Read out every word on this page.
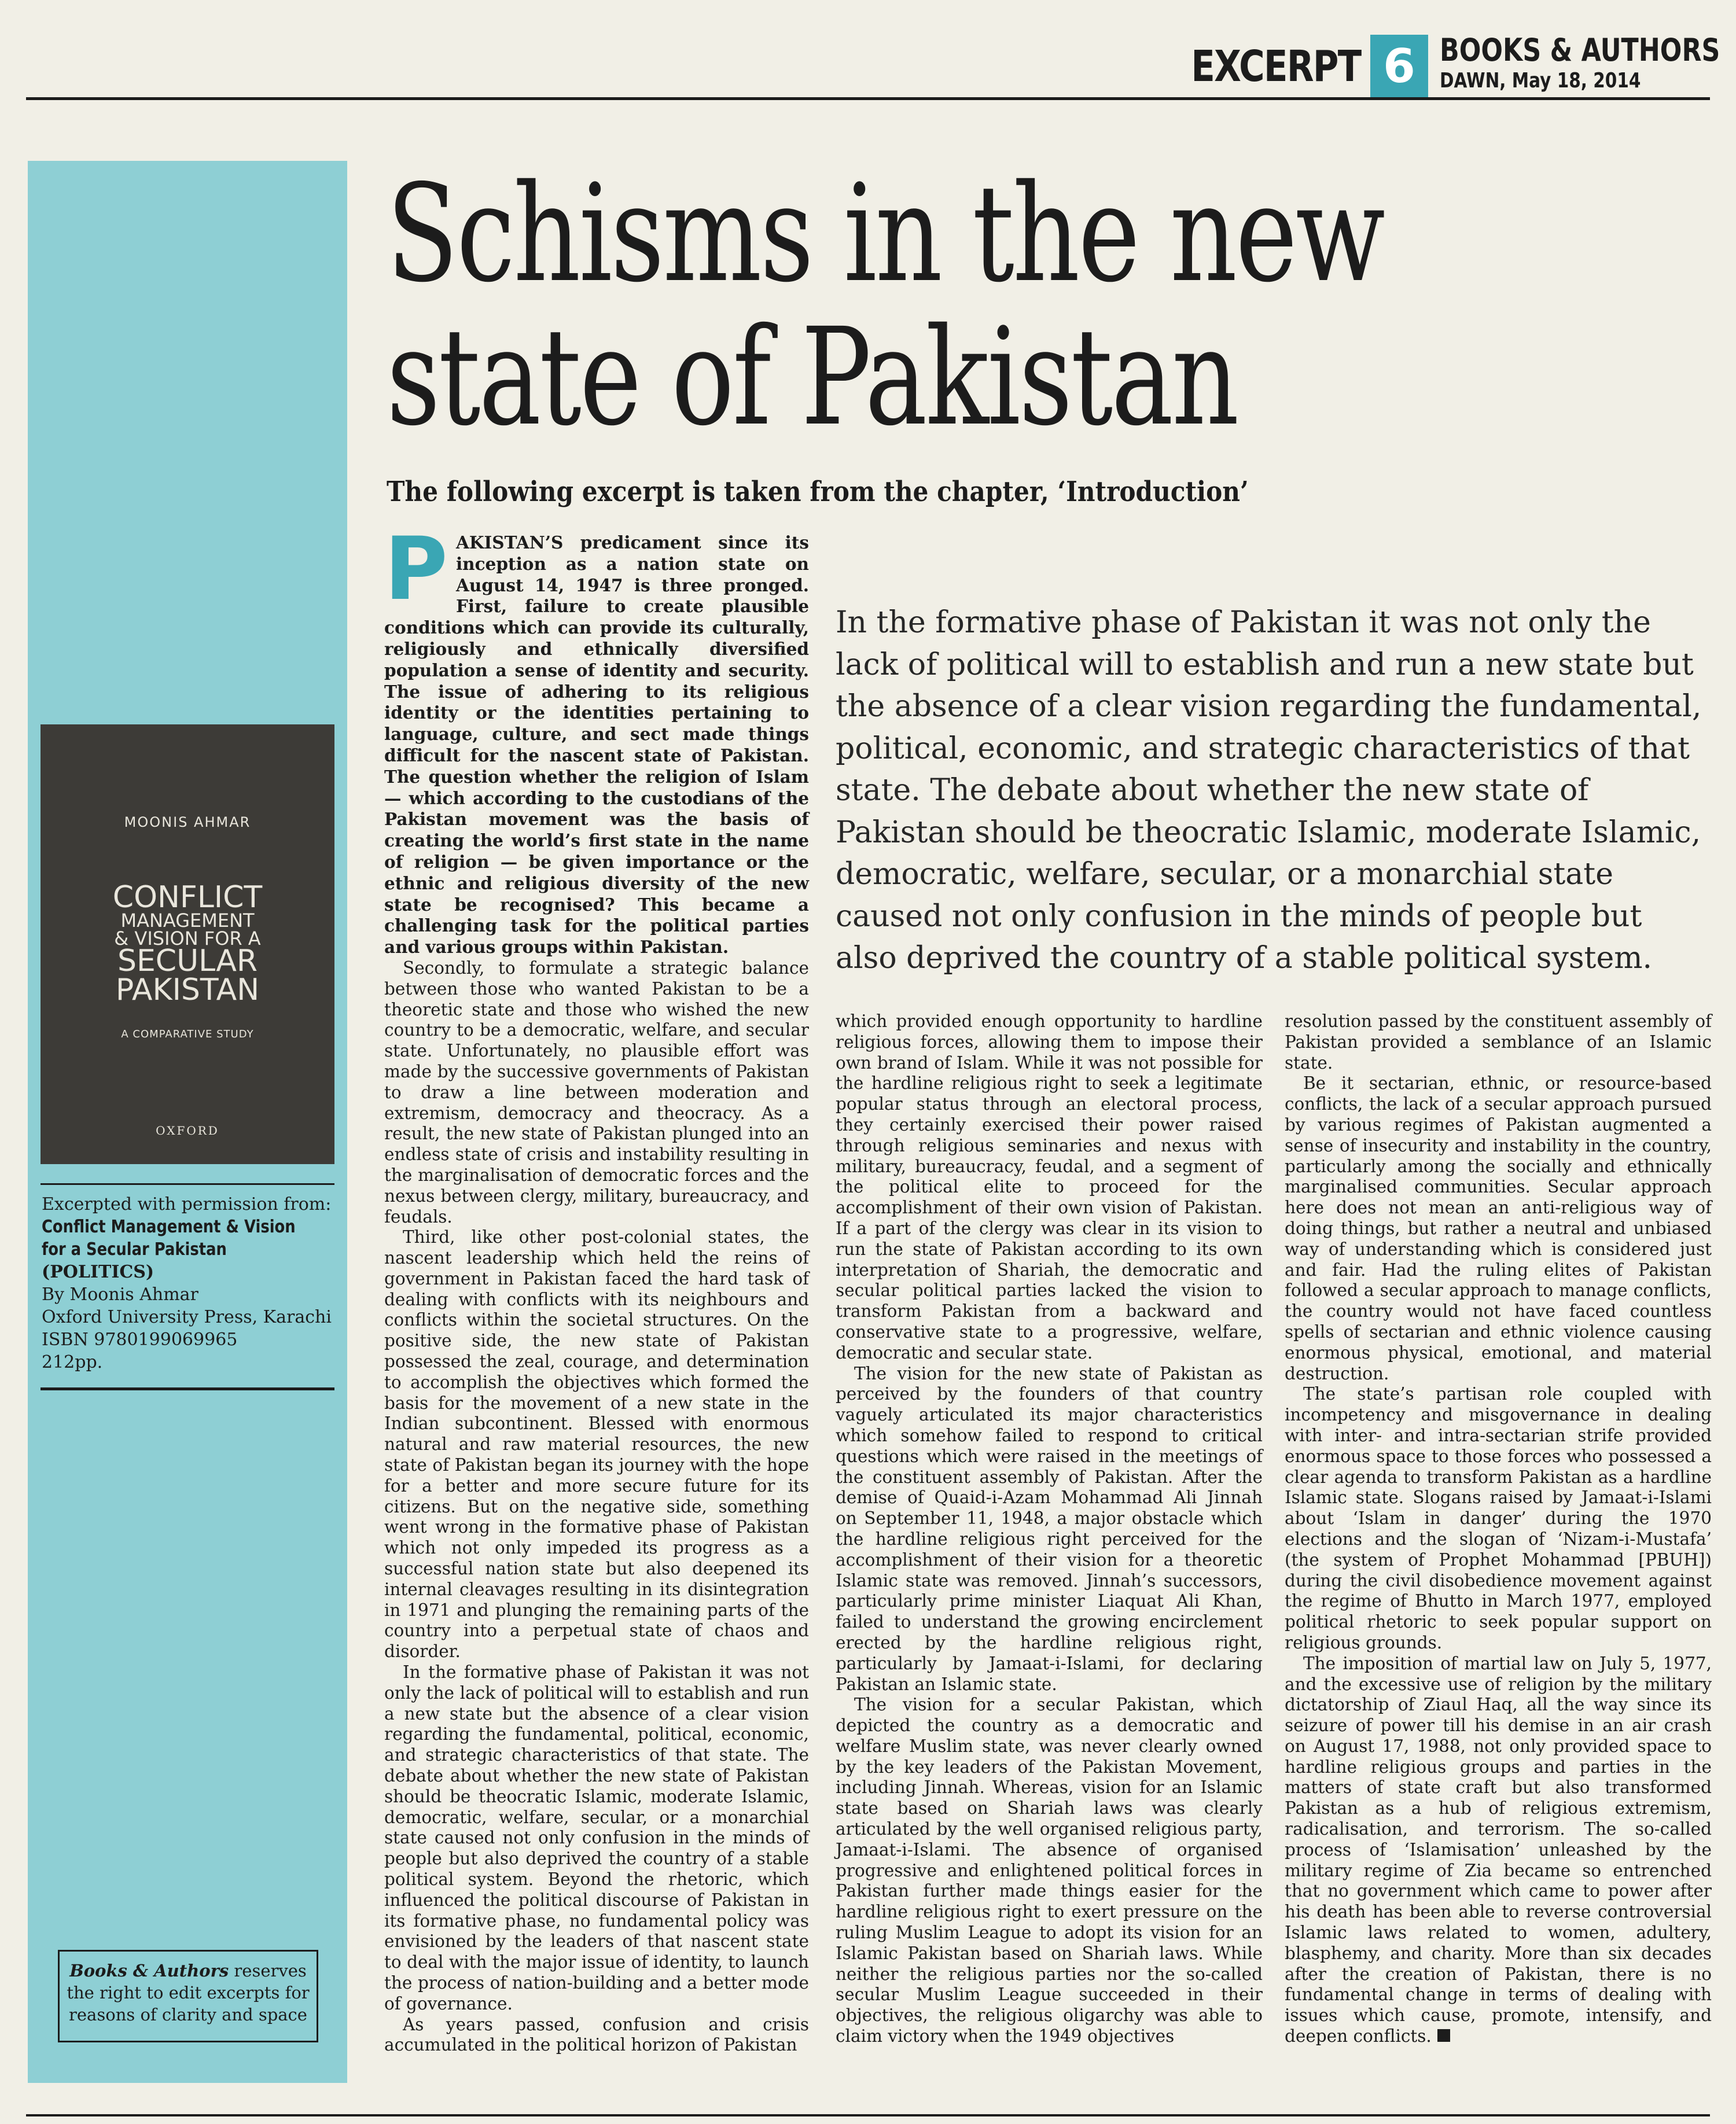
EXCERPT 6 BOOKS & AUTHORS
DAWN, May 18, 2014
MOONIS AHMAR
CONFLICT
MANAGEMENT
& VISION FOR A
SECULAR
PAKISTAN
A COMPARATIVE STUDY
OXFORD
Excerpted with permission from:
Conflict Management & Vision
for a Secular Pakistan
(POLITICS)
By Moonis Ahmar
Oxford University Press, Karachi
ISBN 9780199069965
212pp.
Books & Authors reserves the right to edit excerpts for reasons of clarity and space
Schisms in the new state of Pakistan
The following excerpt is taken from the chapter, ‘Introduction’
In the formative phase of Pakistan it was not only the lack of political will to establish and run a new state but the absence of a clear vision regarding the fundamental, political, economic, and strategic characteristics of that state. The debate about whether the new state of Pakistan should be theocratic Islamic, moderate Islamic, democratic, welfare, secular, or a monarchial state caused not only confusion in the minds of people but also deprived the country of a stable political system.

PAKISTAN’S predicament since its inception as a nation state on August 14, 1947 is three pronged. First, failure to create plausible conditions which can provide its culturally, religiously and ethnically diversified population a sense of identity and security. The issue of adhering to its religious identity or the identities pertaining to language, culture, and sect made things difficult for the nascent state of Pakistan. The question whether the religion of Islam — which according to the custodians of the Pakistan movement was the basis of creating the world’s first state in the name of religion — be given importance or the ethnic and religious diversity of the new state be recognised? This became a challenging task for the political parties and various groups within Pakistan.

Secondly, to formulate a strategic balance between those who wanted Pakistan to be a theoretic state and those who wished the new country to be a democratic, welfare, and secular state. Unfortunately, no plausible effort was made by the successive governments of Pakistan to draw a line between moderation and extremism, democracy and theocracy. As a result, the new state of Pakistan plunged into an endless state of crisis and instability resulting in the marginalisation of democratic forces and the nexus between clergy, military, bureaucracy, and feudals.

Third, like other post-colonial states, the nascent leadership which held the reins of government in Pakistan faced the hard task of dealing with conflicts with its neighbours and conflicts within the societal structures. On the positive side, the new state of Pakistan possessed the zeal, courage, and determination to accomplish the objectives which formed the basis for the movement of a new state in the Indian subcontinent. Blessed with enormous natural and raw material resources, the new state of Pakistan began its journey with the hope for a better and more secure future for its citizens. But on the negative side, something went wrong in the formative phase of Pakistan which not only impeded its progress as a successful nation state but also deepened its internal cleavages resulting in its disintegration in 1971 and plunging the remaining parts of the country into a perpetual state of chaos and disorder.

In the formative phase of Pakistan it was not only the lack of political will to establish and run a new state but the absence of a clear vision regarding the fundamental, political, economic, and strategic characteristics of that state. The debate about whether the new state of Pakistan should be theocratic Islamic, moderate Islamic, democratic, welfare, secular, or a monarchial state caused not only confusion in the minds of people but also deprived the country of a stable political system. Beyond the rhetoric, which influenced the political discourse of Pakistan in its formative phase, no fundamental policy was envisioned by the leaders of that nascent state to deal with the major issue of identity, to launch the process of nation-building and a better mode of governance.

As years passed, confusion and crisis accumulated in the political horizon of Pakistan

which provided enough opportunity to hardline religious forces, allowing them to impose their own brand of Islam. While it was not possible for the hardline religious right to seek a legitimate popular status through an electoral process, they certainly exercised their power raised through religious seminaries and nexus with military, bureaucracy, feudal, and a segment of the political elite to proceed for the accomplishment of their own vision of Pakistan. If a part of the clergy was clear in its vision to run the state of Pakistan according to its own interpretation of Shariah, the democratic and secular political parties lacked the vision to transform Pakistan from a backward and conservative state to a progressive, welfare, democratic and secular state.

The vision for the new state of Pakistan as perceived by the founders of that country vaguely articulated its major characteristics which somehow failed to respond to critical questions which were raised in the meetings of the constituent assembly of Pakistan. After the demise of Quaid-i-Azam Mohammad Ali Jinnah on September 11, 1948, a major obstacle which the hardline religious right perceived for the accomplishment of their vision for a theoretic Islamic state was removed. Jinnah’s successors, particularly prime minister Liaquat Ali Khan, failed to understand the growing encirclement erected by the hardline religious right, particularly by Jamaat-i-Islami, for declaring Pakistan an Islamic state.

The vision for a secular Pakistan, which depicted the country as a democratic and welfare Muslim state, was never clearly owned by the key leaders of the Pakistan Movement, including Jinnah. Whereas, vision for an Islamic state based on Shariah laws was clearly articulated by the well organised religious party, Jamaat-i-Islami. The absence of organised progressive and enlightened political forces in Pakistan further made things easier for the hardline religious right to exert pressure on the ruling Muslim League to adopt its vision for an Islamic Pakistan based on Shariah laws. While neither the religious parties nor the so-called secular Muslim League succeeded in their objectives, the religious oligarchy was able to claim victory when the 1949 objectives

resolution passed by the constituent assembly of Pakistan provided a semblance of an Islamic state.

Be it sectarian, ethnic, or resource-based conflicts, the lack of a secular approach pursued by various regimes of Pakistan augmented a sense of insecurity and instability in the country, particularly among the socially and ethnically marginalised communities. Secular approach here does not mean an anti-religious way of doing things, but rather a neutral and unbiased way of understanding which is considered just and fair. Had the ruling elites of Pakistan followed a secular approach to manage conflicts, the country would not have faced countless spells of sectarian and ethnic violence causing enormous physical, emotional, and material destruction.

The state’s partisan role coupled with incompetency and misgovernance in dealing with inter- and intra-sectarian strife provided enormous space to those forces who possessed a clear agenda to transform Pakistan as a hardline Islamic state. Slogans raised by Jamaat-i-Islami about ‘Islam in danger’ during the 1970 elections and the slogan of ‘Nizam-i-Mustafa’ (the system of Prophet Mohammad [PBUH]) during the civil disobedience movement against the regime of Bhutto in March 1977, employed political rhetoric to seek popular support on religious grounds.

The imposition of martial law on July 5, 1977, and the excessive use of religion by the military dictatorship of Ziaul Haq, all the way since its seizure of power till his demise in an air crash on August 17, 1988, not only provided space to hardline religious groups and parties in the matters of state craft but also transformed Pakistan as a hub of religious extremism, radicalisation, and terrorism. The so-called process of ‘Islamisation’ unleashed by the military regime of Zia became so entrenched that no government which came to power after his death has been able to reverse controversial Islamic laws related to women, adultery, blasphemy, and charity. More than six decades after the creation of Pakistan, there is no fundamental change in terms of dealing with issues which cause, promote, intensify, and deepen conflicts.
